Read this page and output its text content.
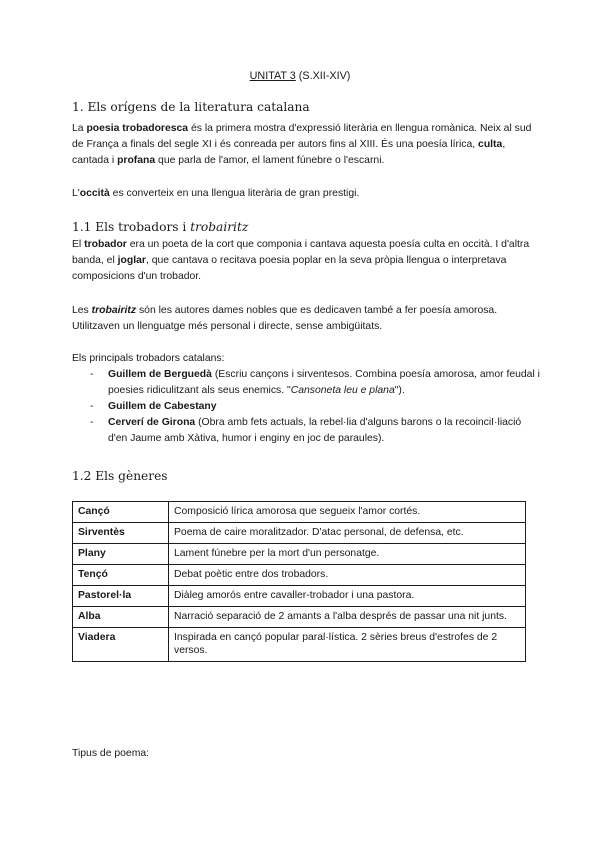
UNITAT 3 (S.XII-XIV)
1. Els orígens de la literatura catalana

La poesia trobadoresca és la primera mostra d'expressió literària en llengua romànica. Neix al sud de França a finals del segle XI i és conreada per autors fins al XIII. És una poesía lírica, culta, cantada i profana que parla de l'amor, el lament fúnebre o l'escarni.

L'occità es converteix en una llengua literària de gran prestigi.

1.1 Els trobadors i trobairitz

El trobador era un poeta de la cort que componia i cantava aquesta poesía culta en occità. I d'altra banda, el joglar, que cantava o recitava poesia poplar en la seva pròpia llengua o interpretava composicions d'un trobador.

Les trobairitz són les autores dames nobles que es dedicaven també a fer poesía amorosa. Utilitzaven un llenguatge més personal i directe, sense ambigüitats.

Els principals trobadors catalans:

- Guillem de Berguedà (Escriu cançons i sirventesos. Combina poesía amorosa, amor feudal i poesies ridiculitzant als seus enemics. "Cansoneta leu e plana").
- Guillem de Cabestany
- Cerverí de Girona (Obra amb fets actuals, la rebel·lia d'alguns barons o la recoinciI·liació d'en Jaume amb Xàtiva, humor i enginy en joc de paraules).
1.2 Els gèneres
Cançó	Composició lírica amorosa que segueix l'amor cortés.
Sirventès	Poema de caire moralitzador. D'atac personal, de defensa, etc.
Plany	Lament fúnebre per la mort d'un personatge.
Tençó	Debat poètic entre dos trobadors.
Pastorel·la	Diàleg amorós entre cavaller-trobador i una pastora.
Alba	Narració separació de 2 amants a l'alba després de passar una nit junts.
Viadera	Inspirada en cançó popular paral·lística. 2 sèries breus d'estrofes de 2 versos.

Tipus de poema:
